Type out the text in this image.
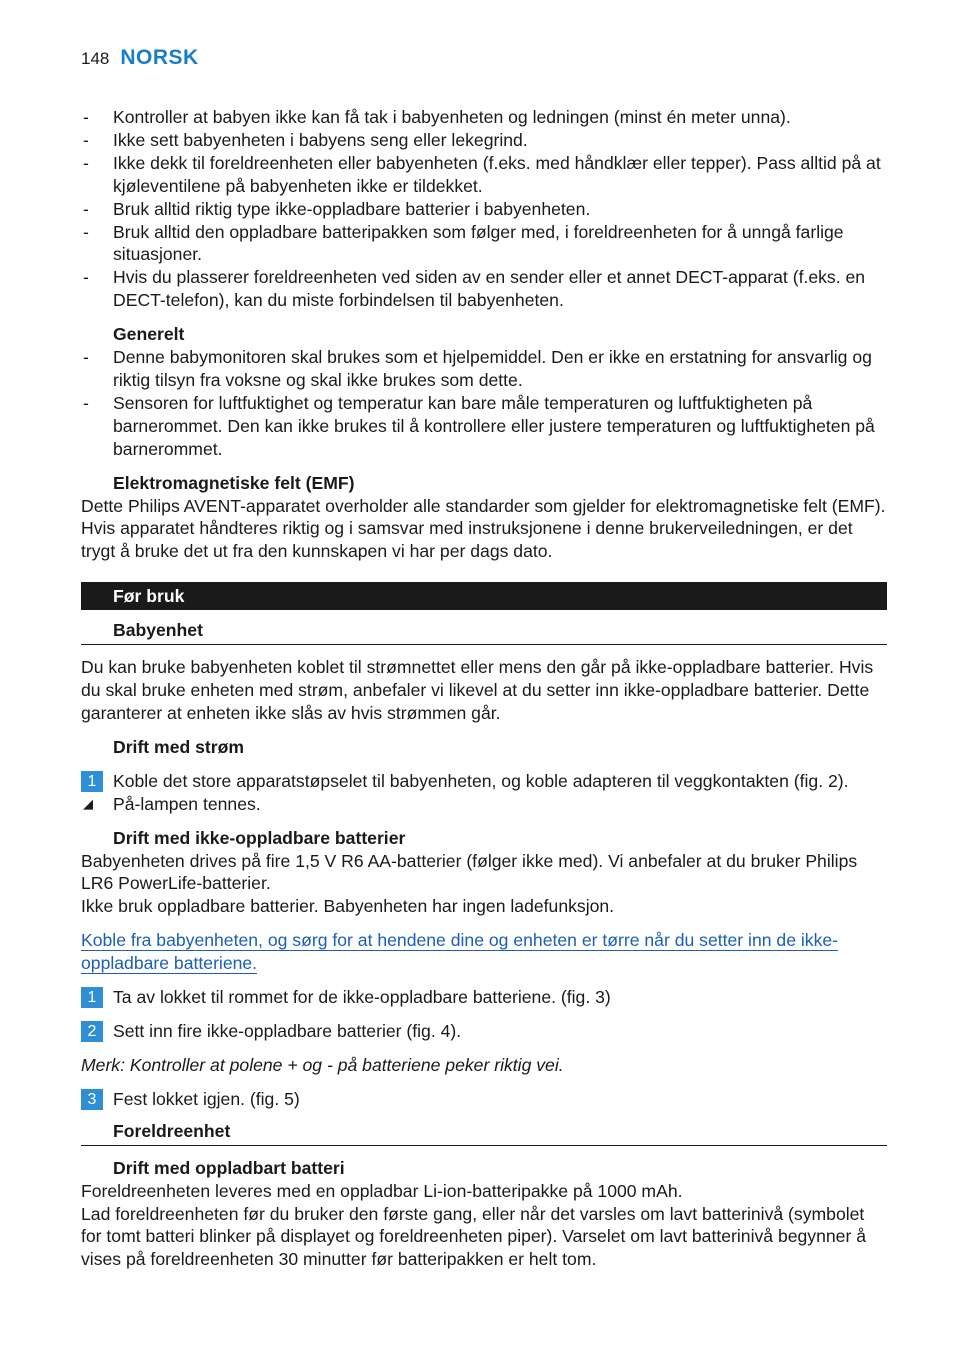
148 NORSK
- Kontroller at babyen ikke kan få tak i babyenheten og ledningen (minst én meter unna).
- Ikke sett babyenheten i babyens seng eller lekegrind.
- Ikke dekk til foreldreenheten eller babyenheten (f.eks. med håndklær eller tepper). Pass alltid på at kjøleventilene på babyenheten ikke er tildekket.
- Bruk alltid riktig type ikke-oppladbare batterier i babyenheten.
- Bruk alltid den oppladbare batteripakken som følger med, i foreldreenheten for å unngå farlige situasjoner.
- Hvis du plasserer foreldreenheten ved siden av en sender eller et annet DECT-apparat (f.eks. en DECT-telefon), kan du miste forbindelsen til babyenheten.
Generelt
- Denne babymonitoren skal brukes som et hjelpemiddel. Den er ikke en erstatning for ansvarlig og riktig tilsyn fra voksne og skal ikke brukes som dette.
- Sensoren for luftfuktighet og temperatur kan bare måle temperaturen og luftfuktigheten på barnerommet. Den kan ikke brukes til å kontrollere eller justere temperaturen og luftfuktigheten på barnerommet.
Elektromagnetiske felt (EMF)

Dette Philips AVENT-apparatet overholder alle standarder som gjelder for elektromagnetiske felt (EMF). Hvis apparatet håndteres riktig og i samsvar med instruksjonene i denne brukerveiledningen, er det trygt å bruke det ut fra den kunnskapen vi har per dags dato.

Før bruk
Babyenhet

Du kan bruke babyenheten koblet til strømnettet eller mens den går på ikke-oppladbare batterier. Hvis du skal bruke enheten med strøm, anbefaler vi likevel at du setter inn ikke-oppladbare batterier. Dette garanterer at enheten ikke slås av hvis strømmen går.

Drift med strøm
1 Koble det store apparatstøpselet til babyenheten, og koble adapteren til veggkontakten (fig. 2).
◢ På-lampen tennes.
Drift med ikke-oppladbare batterier

Babyenheten drives på fire 1,5 V R6 AA-batterier (følger ikke med). Vi anbefaler at du bruker Philips LR6 PowerLife-batterier.

Ikke bruk oppladbare batterier. Babyenheten har ingen ladefunksjon.

Koble fra babyenheten, og sørg for at hendene dine og enheten er tørre når du setter inn de ikke-oppladbare batteriene.

1 Ta av lokket til rommet for de ikke-oppladbare batteriene. (fig. 3)
2 Sett inn fire ikke-oppladbare batterier (fig. 4).

Merk: Kontroller at polene + og - på batteriene peker riktig vei.

3 Fest lokket igjen. (fig. 5)
Foreldreenhet
Drift med oppladbart batteri

Foreldreenheten leveres med en oppladbar Li-ion-batteripakke på 1000 mAh.

Lad foreldreenheten før du bruker den første gang, eller når det varsles om lavt batterinivå (symbolet for tomt batteri blinker på displayet og foreldreenheten piper). Varselet om lavt batterinivå begynner å vises på foreldreenheten 30 minutter før batteripakken er helt tom.
